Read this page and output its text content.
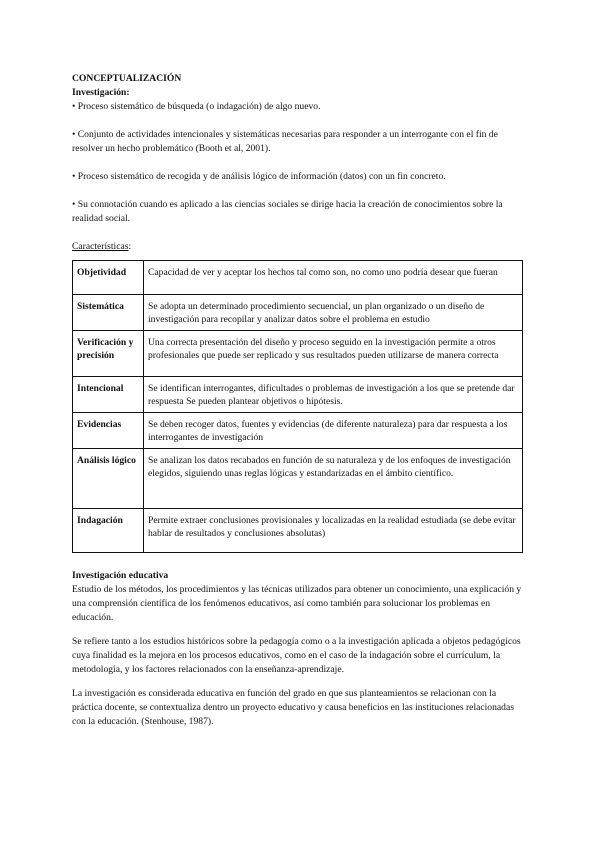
CONCEPTUALIZACIÓN

Investigación:

• Proceso sistemático de búsqueda (o indagación) de algo nuevo.

• Conjunto de actividades intencionales y sistemáticas necesarias para responder a un interrogante con el fin de resolver un hecho problemático (Booth et al, 2001).

• Proceso sistemático de recogida y de análisis lógico de información (datos) con un fin concreto.

• Su connotación cuando es aplicado a las ciencias sociales se dirige hacia la creación de conocimientos sobre la realidad social.

Características:

Objetividad	Capacidad de ver y aceptar los hechos tal como son, no como uno podría desear que fueran
Sistemática	Se adopta un determinado procedimiento secuencial, un plan organizado o un diseño de investigación para recopilar y analizar datos sobre el problema en estudio
Verificación y precisión	Una correcta presentación del diseño y proceso seguido en la investigación permite a otros profesionales que puede ser replicado y sus resultados pueden utilizarse de manera correcta
Intencional	Se identifican interrogantes, dificultades o problemas de investigación a los que se pretende dar respuesta Se pueden plantear objetivos o hipótesis.
Evidencias	Se deben recoger datos, fuentes y evidencias (de diferente naturaleza) para dar respuesta a los interrogantes de investigación
Análisis lógico	Se analizan los datos recabados en función de su naturaleza y de los enfoques de investigación elegidos, siguiendo unas reglas lógicas y estandarizadas en el ámbito científico.
Indagación	Permite extraer conclusiones provisionales y localizadas en la realidad estudiada (se debe evitar hablar de resultados y conclusiones absolutas)

Investigación educativa

Estudio de los métodos, los procedimientos y las técnicas utilizados para obtener un conocimiento, una explicación y una comprensión científica de los fenómenos educativos, así como también para solucionar los problemas en educación.

Se refiere tanto a los estudios históricos sobre la pedagogía como o a la investigación aplicada a objetos pedagógicos cuya finalidad es la mejora en los procesos educativos, como en el caso de la indagación sobre el currículum, la metodología, y los factores relacionados con la enseñanza-aprendizaje.

La investigación es considerada educativa en función del grado en que sus planteamientos se relacionan con la práctica docente, se contextualiza dentro un proyecto educativo y causa beneficios en las instituciones relacionadas con la educación. (Stenhouse, 1987).
